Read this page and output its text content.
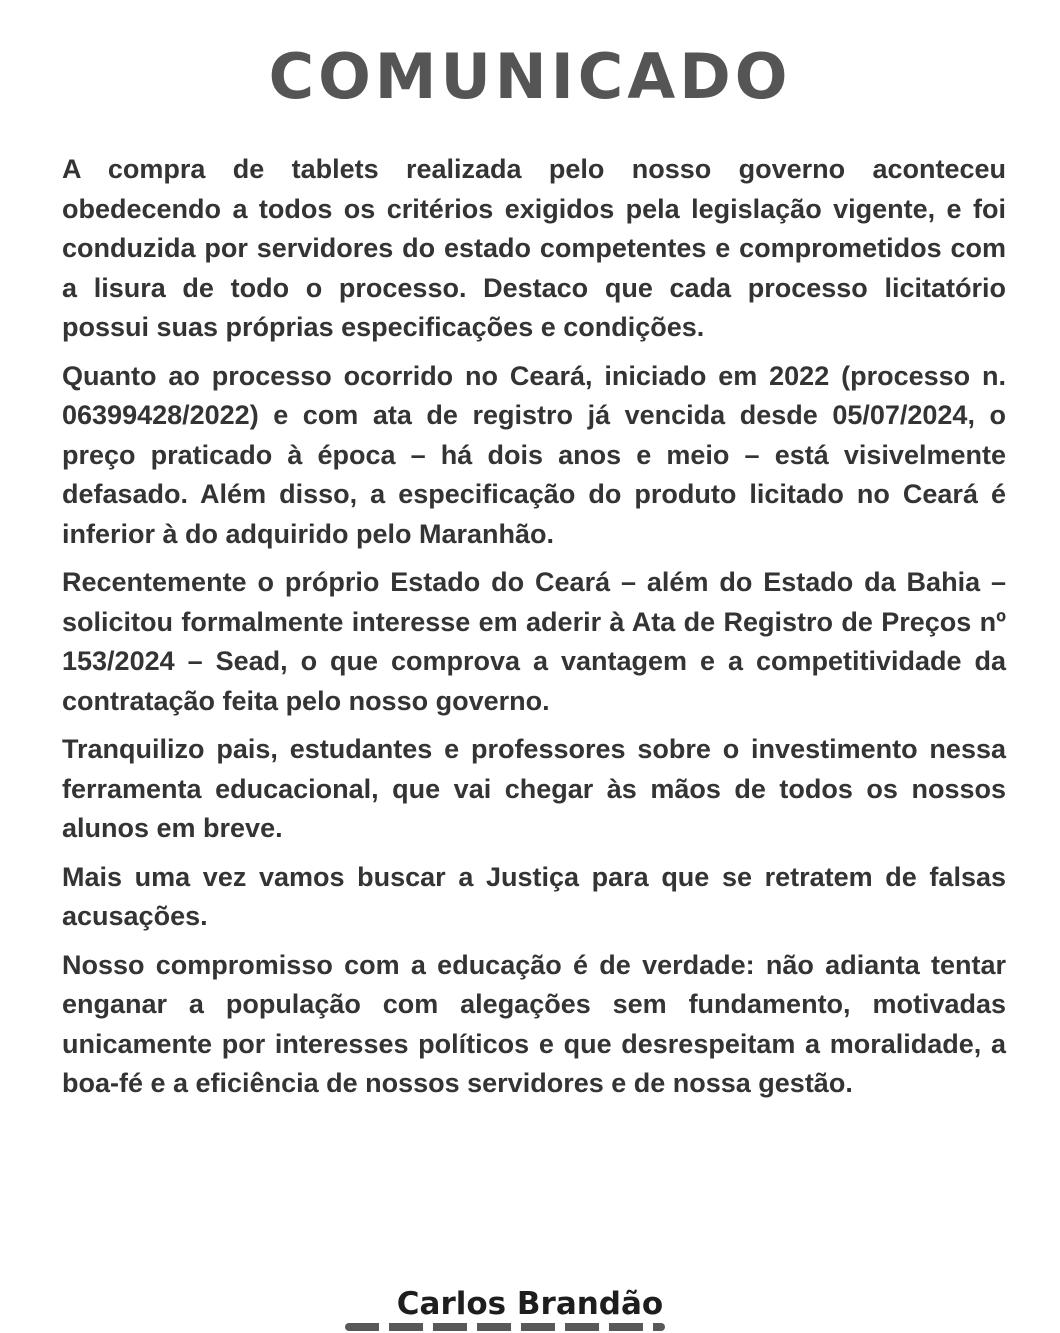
COMUNICADO

A compra de tablets realizada pelo nosso governo aconteceu obedecendo a todos os critérios exigidos pela legislação vigente, e foi conduzida por servidores do estado competentes e comprometidos com a lisura de todo o processo. Destaco que cada processo licitatório possui suas próprias especificações e condições.

Quanto ao processo ocorrido no Ceará, iniciado em 2022 (processo n. 06399428/2022) e com ata de registro já vencida desde 05/07/2024, o preço praticado à época – há dois anos e meio – está visivelmente defasado. Além disso, a especificação do produto licitado no Ceará é inferior à do adquirido pelo Maranhão.

Recentemente o próprio Estado do Ceará – além do Estado da Bahia – solicitou formalmente interesse em aderir à Ata de Registro de Preços nº 153/2024 – Sead, o que comprova a vantagem e a competitividade da contratação feita pelo nosso governo.

Tranquilizo pais, estudantes e professores sobre o investimento nessa ferramenta educacional, que vai chegar às mãos de todos os nossos alunos em breve.

Mais uma vez vamos buscar a Justiça para que se retratem de falsas acusações.

Nosso compromisso com a educação é de verdade: não adianta tentar enganar a população com alegações sem fundamento, motivadas unicamente por interesses políticos e que desrespeitam a moralidade, a boa-fé e a eficiência de nossos servidores e de nossa gestão.

Carlos Brandão
